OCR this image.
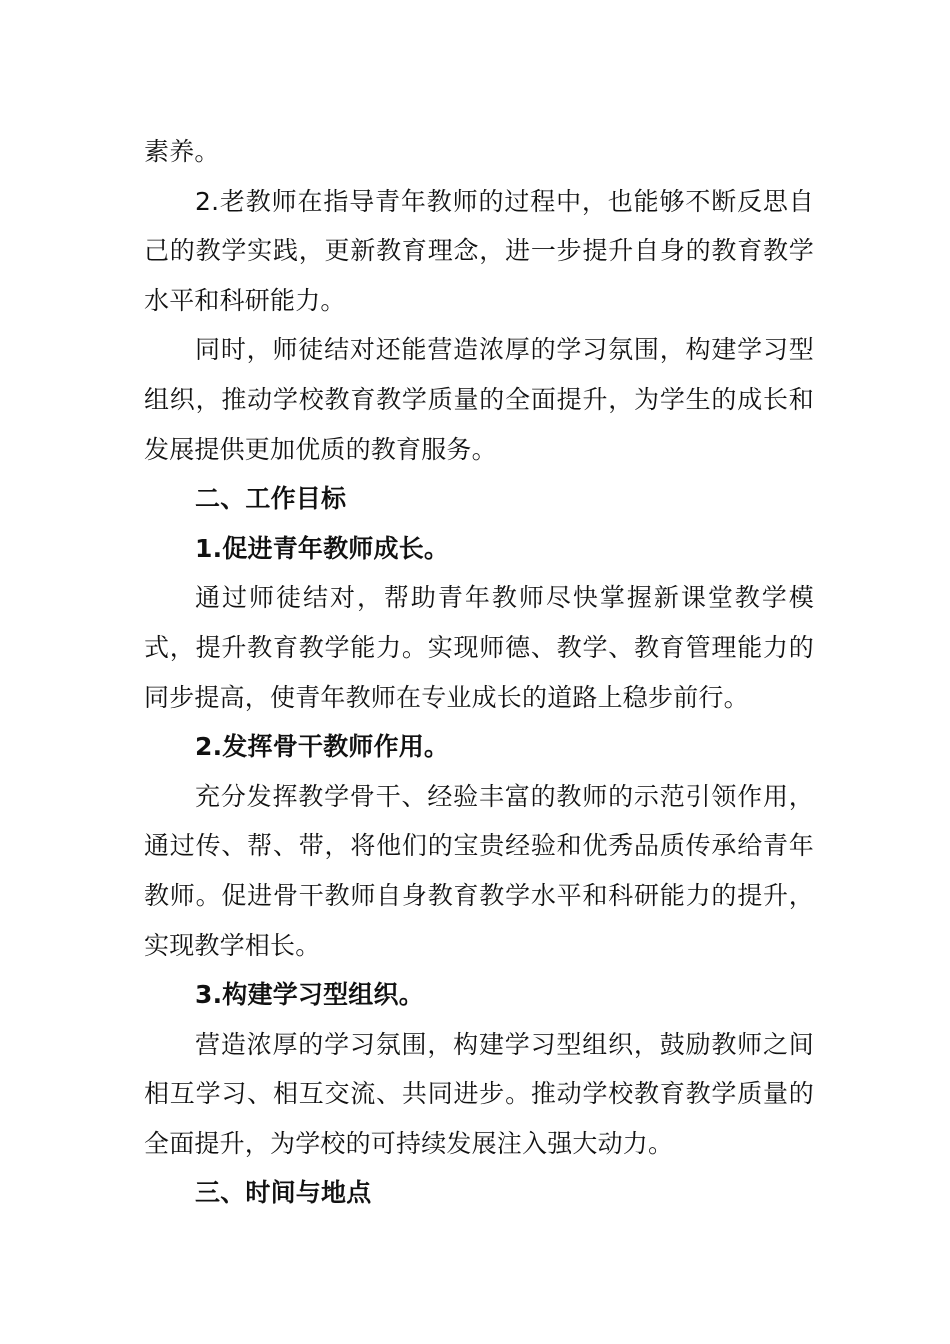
素养。

2.老教师在指导青年教师的过程中，也能够不断反思自己的教学实践，更新教育理念，进一步提升自身的教育教学水平和科研能力。

同时，师徒结对还能营造浓厚的学习氛围，构建学习型组织，推动学校教育教学质量的全面提升，为学生的成长和发展提供更加优质的教育服务。

二、工作目标

1.促进青年教师成长。

通过师徒结对，帮助青年教师尽快掌握新课堂教学模式，提升教育教学能力。实现师德、教学、教育管理能力的同步提高，使青年教师在专业成长的道路上稳步前行。

2.发挥骨干教师作用。

充分发挥教学骨干、经验丰富的教师的示范引领作用，通过传、帮、带，将他们的宝贵经验和优秀品质传承给青年教师。促进骨干教师自身教育教学水平和科研能力的提升，实现教学相长。

3.构建学习型组织。

营造浓厚的学习氛围，构建学习型组织，鼓励教师之间相互学习、相互交流、共同进步。推动学校教育教学质量的全面提升，为学校的可持续发展注入强大动力。

三、时间与地点
